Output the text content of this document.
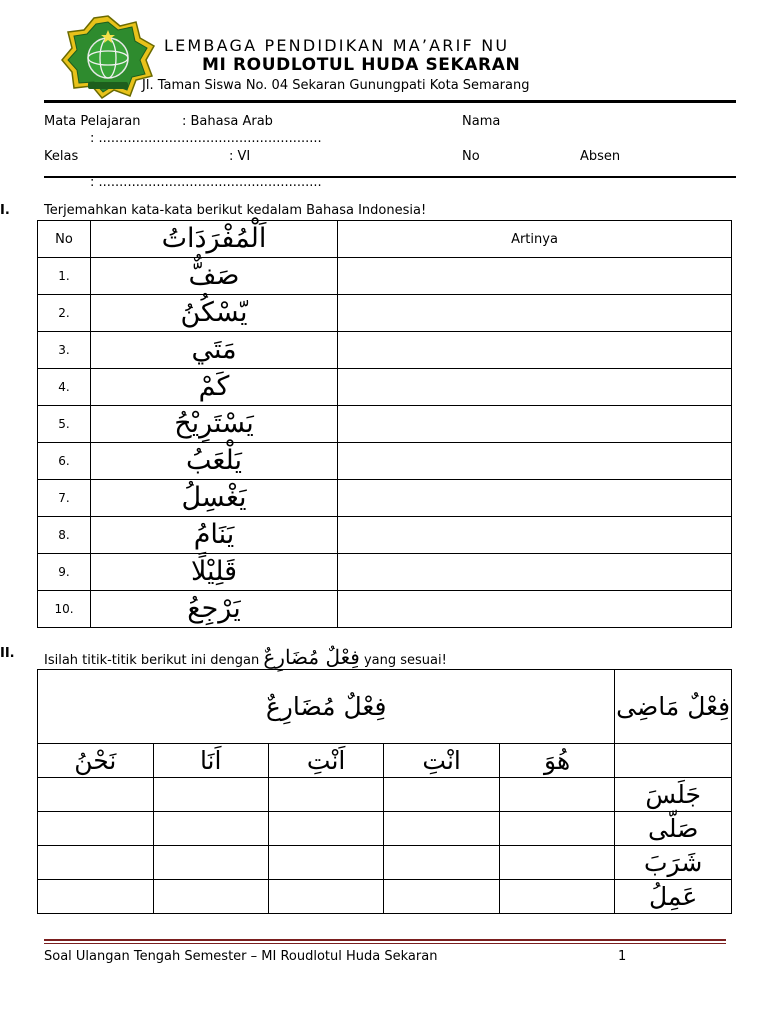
LEMBAGA PENDIDIKAN MA’ARIF NU
MI ROUDLOTUL HUDA SEKARAN
Jl. Taman Siswa No. 04 Sekaran Gunungpati Kota Semarang
Mata Pelajaran	: Bahasa Arab	Nama
: ......................................................
Kelas	: VI	No	Absen
: ......................................................
I.	Terjemahkan kata-kata berikut kedalam Bahasa Indonesia!
No	اَلْمُفْرَدَاتُ	Artinya
1.	صَفٌّ	
2.	يّسْكُنُ	
3.	مَتَي	
4.	كَمْ	
5.	يَسْتَرِيْحُ	
6.	يَلْعَبُ	
7.	يَغْسِلُ	
8.	يَنَامُ	
9.	قَلِيْلًا	
10.	يَرْجِعُ	
II. Isilah titik-titik berikut ini dengan فِعْلٌ مُضَارِعٌ yang sesuai!
فِعْلٌ مُضَارِعٌ					فِعْلٌ مَاضِى
نَحْنُ	اَنَا	اَنْتِ	انْتِ	هُوَ	
					جَلَسَ
					صَلّى
					شَرَبَ
					عَمِلُ
Soal Ulangan Tengah Semester – MI Roudlotul Huda Sekaran	1
